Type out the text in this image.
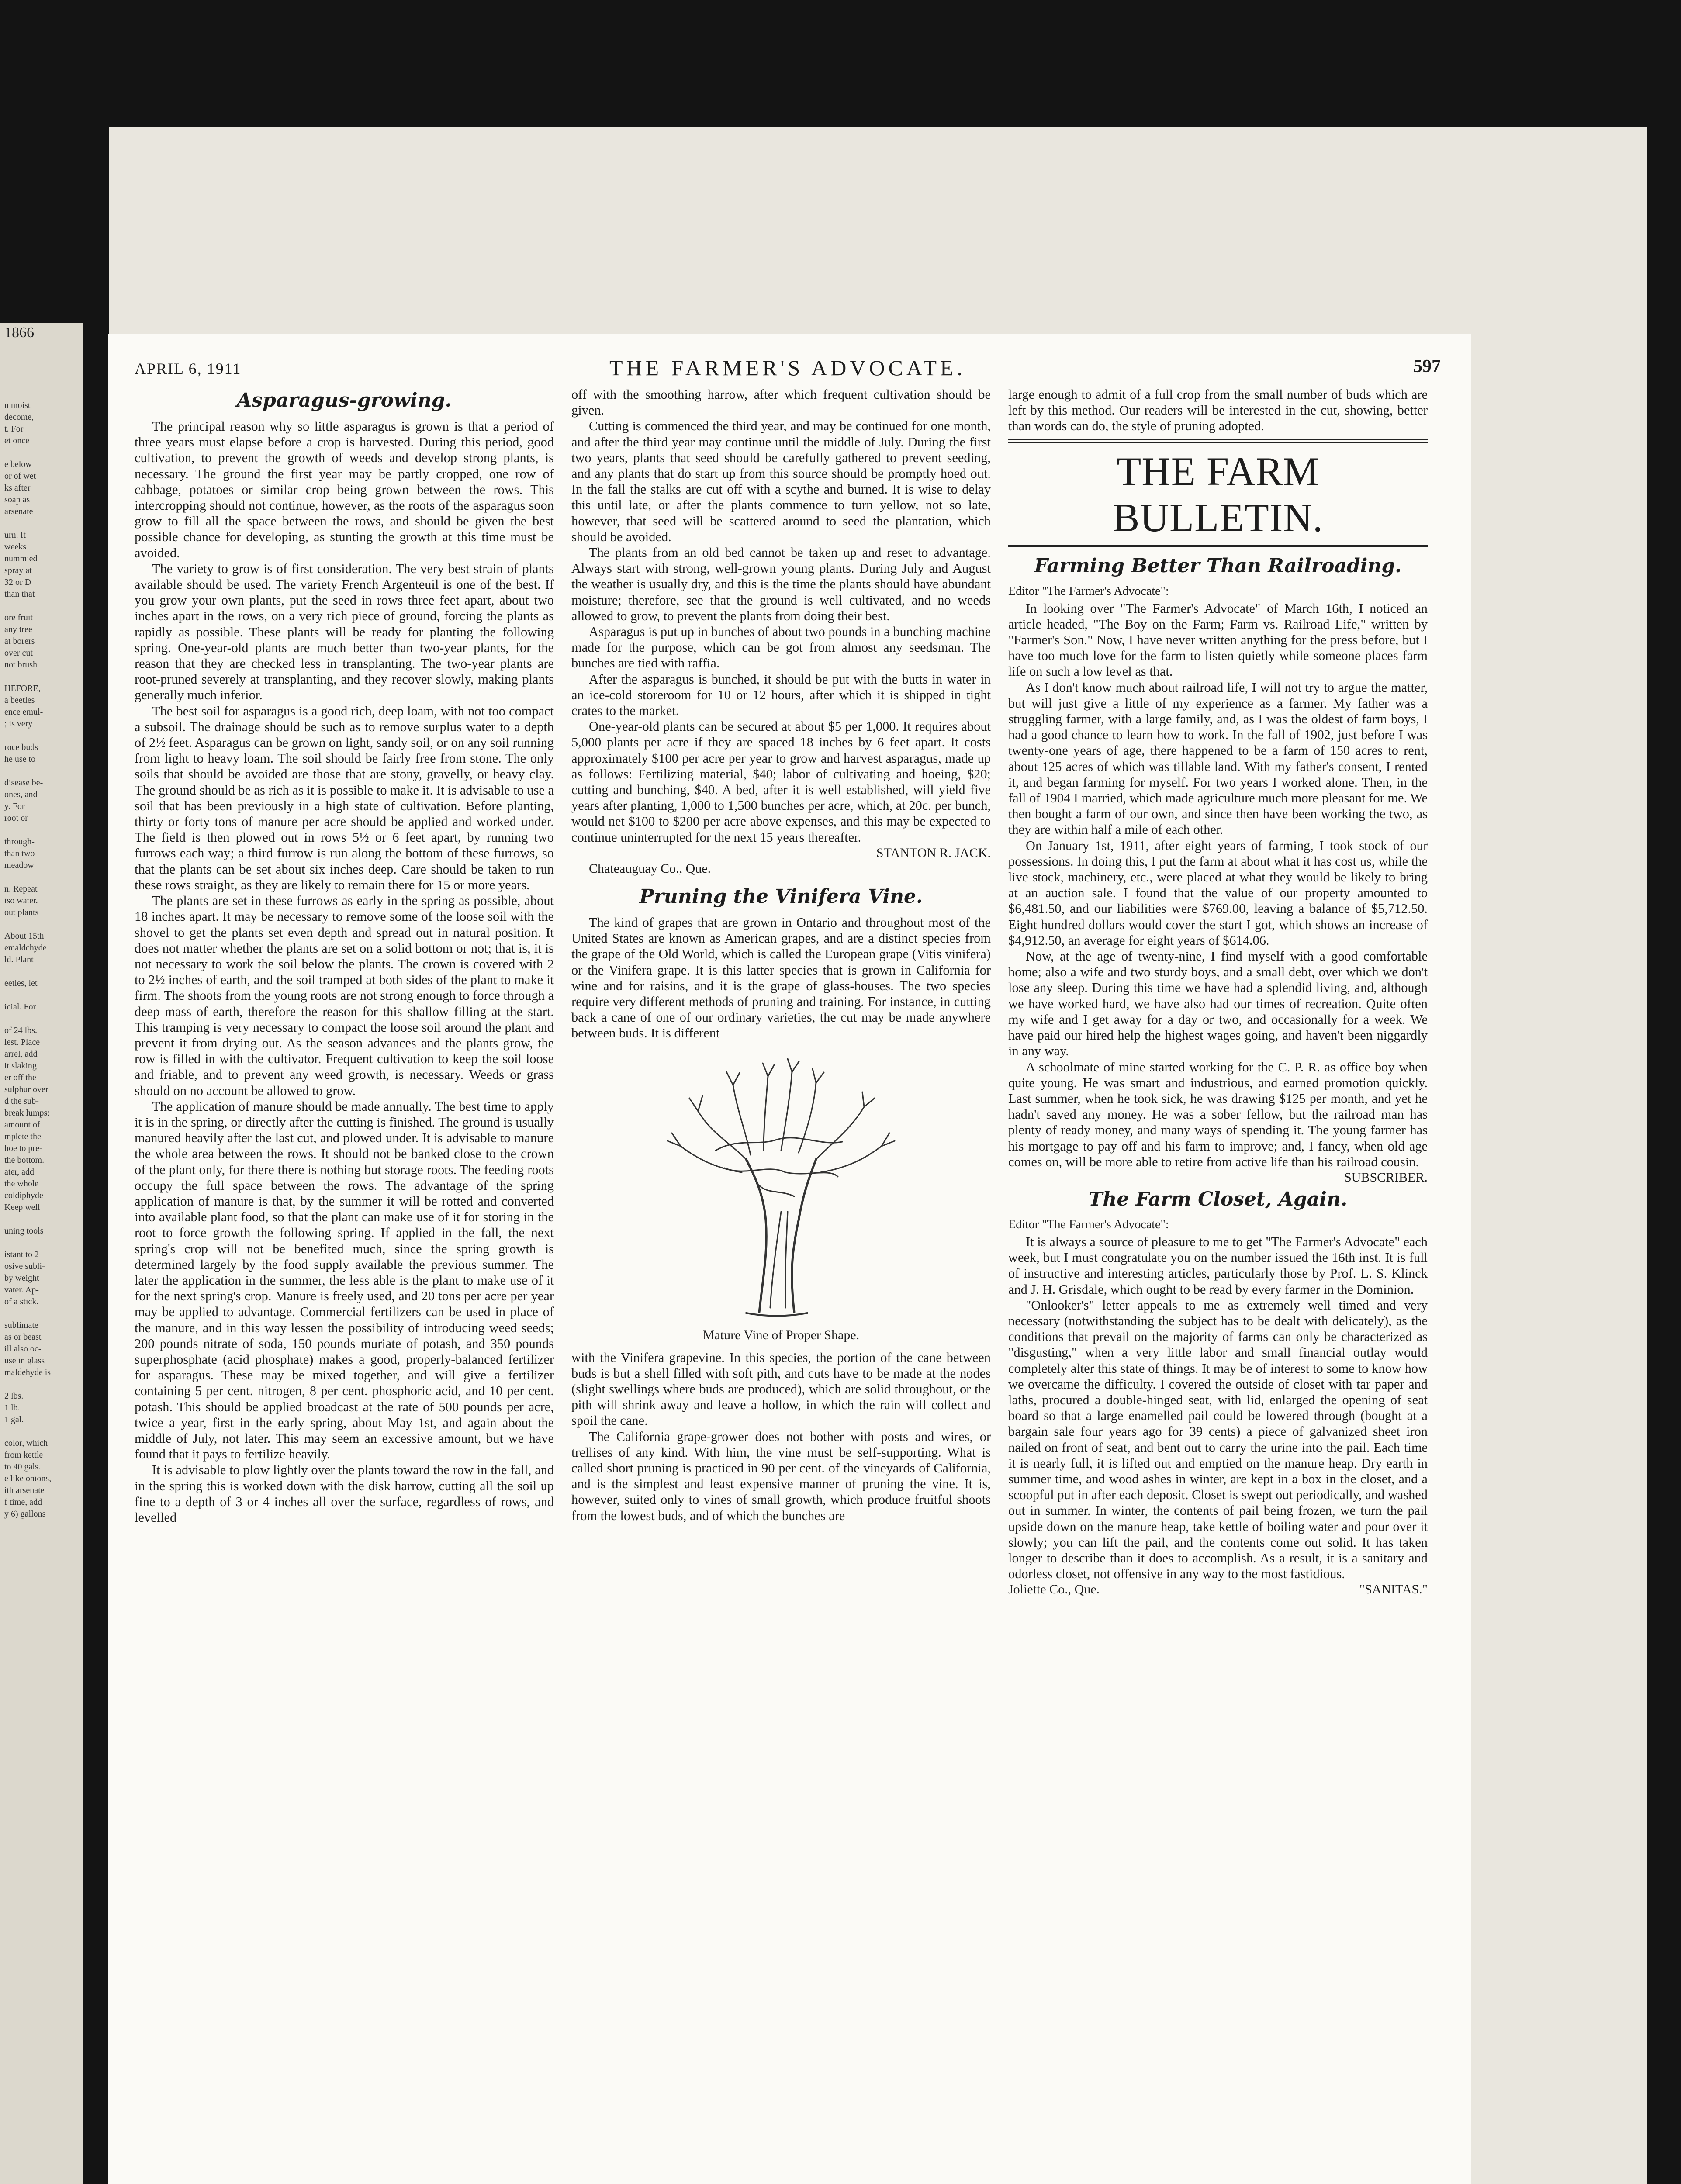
1866
n moist
decome,
t. For
et once

e below
or of wet
ks after
soap as
arsenate

urn. It
weeks
nummied
spray at
32 or D
than that

ore fruit
any tree
at borers
over cut
not brush

HEFORE,
a beetles
ence emul-
; is very

roce buds
he use to

disease be-
ones, and
y. For
root or

through-
than two
meadow

n. Repeat
iso water.
out plants

About 15th
emaldchyde
ld. Plant

eetles, let

icial. For

of 24 lbs.
lest. Place
arrel, add
it slaking
er off the
sulphur over
d the sub-
break lumps;
amount of
mplete the
hoe to pre-
the bottom.
ater, add
the whole
coldiphyde
Keep well

uning tools

istant to 2
osive subli-
by weight
vater. Ap-
of a stick.

sublimate
as or beast
ill also oc-
use in glass
maldehyde is

2 lbs.
1 lb.
1 gal.

color, which
from kettle
to 40 gals.
e like onions,
ith arsenate
f time, add
y 6) gallons
APRIL 6, 1911	THE FARMER'S ADVOCATE.	597
Asparagus-growing.

The principal reason why so little asparagus is grown is that a period of three years must elapse before a crop is harvested. During this period, good cultivation, to prevent the growth of weeds and develop strong plants, is necessary. The ground the first year may be partly cropped, one row of cabbage, potatoes or similar crop being grown between the rows. This intercropping should not continue, however, as the roots of the asparagus soon grow to fill all the space between the rows, and should be given the best possible chance for developing, as stunting the growth at this time must be avoided.

The variety to grow is of first consideration. The very best strain of plants available should be used. The variety French Argenteuil is one of the best. If you grow your own plants, put the seed in rows three feet apart, about two inches apart in the rows, on a very rich piece of ground, forcing the plants as rapidly as possible. These plants will be ready for planting the following spring. One-year-old plants are much better than two-year plants, for the reason that they are checked less in transplanting. The two-year plants are root-pruned severely at transplanting, and they recover slowly, making plants generally much inferior.

The best soil for asparagus is a good rich, deep loam, with not too compact a subsoil. The drainage should be such as to remove surplus water to a depth of 2½ feet. Asparagus can be grown on light, sandy soil, or on any soil running from light to heavy loam. The soil should be fairly free from stone. The only soils that should be avoided are those that are stony, gravelly, or heavy clay. The ground should be as rich as it is possible to make it. It is advisable to use a soil that has been previously in a high state of cultivation. Before planting, thirty or forty tons of manure per acre should be applied and worked under. The field is then plowed out in rows 5½ or 6 feet apart, by running two furrows each way; a third furrow is run along the bottom of these furrows, so that the plants can be set about six inches deep. Care should be taken to run these rows straight, as they are likely to remain there for 15 or more years.

The plants are set in these furrows as early in the spring as possible, about 18 inches apart. It may be necessary to remove some of the loose soil with the shovel to get the plants set even depth and spread out in natural position. It does not matter whether the plants are set on a solid bottom or not; that is, it is not necessary to work the soil below the plants. The crown is covered with 2 to 2½ inches of earth, and the soil tramped at both sides of the plant to make it firm. The shoots from the young roots are not strong enough to force through a deep mass of earth, therefore the reason for this shallow filling at the start. This tramping is very necessary to compact the loose soil around the plant and prevent it from drying out. As the season advances and the plants grow, the row is filled in with the cultivator. Frequent cultivation to keep the soil loose and friable, and to prevent any weed growth, is necessary. Weeds or grass should on no account be allowed to grow.

The application of manure should be made annually. The best time to apply it is in the spring, or directly after the cutting is finished. The ground is usually manured heavily after the last cut, and plowed under. It is advisable to manure the whole area between the rows. It should not be banked close to the crown of the plant only, for there there is nothing but storage roots. The feeding roots occupy the full space between the rows. The advantage of the spring application of manure is that, by the summer it will be rotted and converted into available plant food, so that the plant can make use of it for storing in the root to force growth the following spring. If applied in the fall, the next spring's crop will not be benefited much, since the spring growth is determined largely by the food supply available the previous summer. The later the application in the summer, the less able is the plant to make use of it for the next spring's crop. Manure is freely used, and 20 tons per acre per year may be applied to advantage. Commercial fertilizers can be used in place of the manure, and in this way lessen the possibility of introducing weed seeds; 200 pounds nitrate of soda, 150 pounds muriate of potash, and 350 pounds superphosphate (acid phosphate) makes a good, properly-balanced fertilizer for asparagus. These may be mixed together, and will give a fertilizer containing 5 per cent. nitrogen, 8 per cent. phosphoric acid, and 10 per cent. potash. This should be applied broadcast at the rate of 500 pounds per acre, twice a year, first in the early spring, about May 1st, and again about the middle of July, not later. This may seem an excessive amount, but we have found that it pays to fertilize heavily.

It is advisable to plow lightly over the plants toward the row in the fall, and in the spring this is worked down with the disk harrow, cutting all the soil up fine to a depth of 3 or 4 inches all over the surface, regardless of rows, and levelled

off with the smoothing harrow, after which frequent cultivation should be given.

Cutting is commenced the third year, and may be continued for one month, and after the third year may continue until the middle of July. During the first two years, plants that seed should be carefully gathered to prevent seeding, and any plants that do start up from this source should be promptly hoed out. In the fall the stalks are cut off with a scythe and burned. It is wise to delay this until late, or after the plants commence to turn yellow, not so late, however, that seed will be scattered around to seed the plantation, which should be avoided.

The plants from an old bed cannot be taken up and reset to advantage. Always start with strong, well-grown young plants. During July and August the weather is usually dry, and this is the time the plants should have abundant moisture; therefore, see that the ground is well cultivated, and no weeds allowed to grow, to prevent the plants from doing their best.

Asparagus is put up in bunches of about two pounds in a bunching machine made for the purpose, which can be got from almost any seedsman. The bunches are tied with raffia.

After the asparagus is bunched, it should be put with the butts in water in an ice-cold storeroom for 10 or 12 hours, after which it is shipped in tight crates to the market.

One-year-old plants can be secured at about $5 per 1,000. It requires about 5,000 plants per acre if they are spaced 18 inches by 6 feet apart. It costs approximately $100 per acre per year to grow and harvest asparagus, made up as follows: Fertilizing material, $40; labor of cultivating and hoeing, $20; cutting and bunching, $40. A bed, after it is well established, will yield five years after planting, 1,000 to 1,500 bunches per acre, which, at 20c. per bunch, would net $100 to $200 per acre above expenses, and this may be expected to continue uninterrupted for the next 15 years thereafter.

STANTON R. JACK.

Chateauguay Co., Que.

Pruning the Vinifera Vine.

The kind of grapes that are grown in Ontario and throughout most of the United States are known as American grapes, and are a distinct species from the grape of the Old World, which is called the European grape (Vitis vinifera) or the Vinifera grape. It is this latter species that is grown in California for wine and for raisins, and it is the grape of glass-houses. The two species require very different methods of pruning and training. For instance, in cutting back a cane of one of our ordinary varieties, the cut may be made anywhere between buds. It is different

Mature Vine of Proper Shape.

with the Vinifera grapevine. In this species, the portion of the cane between buds is but a shell filled with soft pith, and cuts have to be made at the nodes (slight swellings where buds are produced), which are solid throughout, or the pith will shrink away and leave a hollow, in which the rain will collect and spoil the cane.

The California grape-grower does not bother with posts and wires, or trellises of any kind. With him, the vine must be self-supporting. What is called short pruning is practiced in 90 per cent. of the vineyards of California, and is the simplest and least expensive manner of pruning the vine. It is, however, suited only to vines of small growth, which produce fruitful shoots from the lowest buds, and of which the bunches are

large enough to admit of a full crop from the small number of buds which are left by this method. Our readers will be interested in the cut, showing, better than words can do, the style of pruning adopted.

THE FARM BULLETIN.
Farming Better Than Railroading.

Editor "The Farmer's Advocate":

In looking over "The Farmer's Advocate" of March 16th, I noticed an article headed, "The Boy on the Farm; Farm vs. Railroad Life," written by "Farmer's Son." Now, I have never written anything for the press before, but I have too much love for the farm to listen quietly while someone places farm life on such a low level as that.

As I don't know much about railroad life, I will not try to argue the matter, but will just give a little of my experience as a farmer. My father was a struggling farmer, with a large family, and, as I was the oldest of farm boys, I had a good chance to learn how to work. In the fall of 1902, just before I was twenty-one years of age, there happened to be a farm of 150 acres to rent, about 125 acres of which was tillable land. With my father's consent, I rented it, and began farming for myself. For two years I worked alone. Then, in the fall of 1904 I married, which made agriculture much more pleasant for me. We then bought a farm of our own, and since then have been working the two, as they are within half a mile of each other.

On January 1st, 1911, after eight years of farming, I took stock of our possessions. In doing this, I put the farm at about what it has cost us, while the live stock, machinery, etc., were placed at what they would be likely to bring at an auction sale. I found that the value of our property amounted to $6,481.50, and our liabilities were $769.00, leaving a balance of $5,712.50. Eight hundred dollars would cover the start I got, which shows an increase of $4,912.50, an average for eight years of $614.06.

Now, at the age of twenty-nine, I find myself with a good comfortable home; also a wife and two sturdy boys, and a small debt, over which we don't lose any sleep. During this time we have had a splendid living, and, although we have worked hard, we have also had our times of recreation. Quite often my wife and I get away for a day or two, and occasionally for a week. We have paid our hired help the highest wages going, and haven't been niggardly in any way.

A schoolmate of mine started working for the C. P. R. as office boy when quite young. He was smart and industrious, and earned promotion quickly. Last summer, when he took sick, he was drawing $125 per month, and yet he hadn't saved any money. He was a sober fellow, but the railroad man has plenty of ready money, and many ways of spending it. The young farmer has his mortgage to pay off and his farm to improve; and, I fancy, when old age comes on, will be more able to retire from active life than his railroad cousin.

SUBSCRIBER.

The Farm Closet, Again.

Editor "The Farmer's Advocate":

It is always a source of pleasure to me to get "The Farmer's Advocate" each week, but I must congratulate you on the number issued the 16th inst. It is full of instructive and interesting articles, particularly those by Prof. L. S. Klinck and J. H. Grisdale, which ought to be read by every farmer in the Dominion.

"Onlooker's" letter appeals to me as extremely well timed and very necessary (notwithstanding the subject has to be dealt with delicately), as the conditions that prevail on the majority of farms can only be characterized as "disgusting," when a very little labor and small financial outlay would completely alter this state of things. It may be of interest to some to know how we overcame the difficulty. I covered the outside of closet with tar paper and laths, procured a double-hinged seat, with lid, enlarged the opening of seat board so that a large enamelled pail could be lowered through (bought at a bargain sale four years ago for 39 cents) a piece of galvanized sheet iron nailed on front of seat, and bent out to carry the urine into the pail. Each time it is nearly full, it is lifted out and emptied on the manure heap. Dry earth in summer time, and wood ashes in winter, are kept in a box in the closet, and a scoopful put in after each deposit. Closet is swept out periodically, and washed out in summer. In winter, the contents of pail being frozen, we turn the pail upside down on the manure heap, take kettle of boiling water and pour over it slowly; you can lift the pail, and the contents come out solid. It has taken longer to describe than it does to accomplish. As a result, it is a sanitary and odorless closet, not offensive in any way to the most fastidious.

Joliette Co., Que.	"SANITAS."
